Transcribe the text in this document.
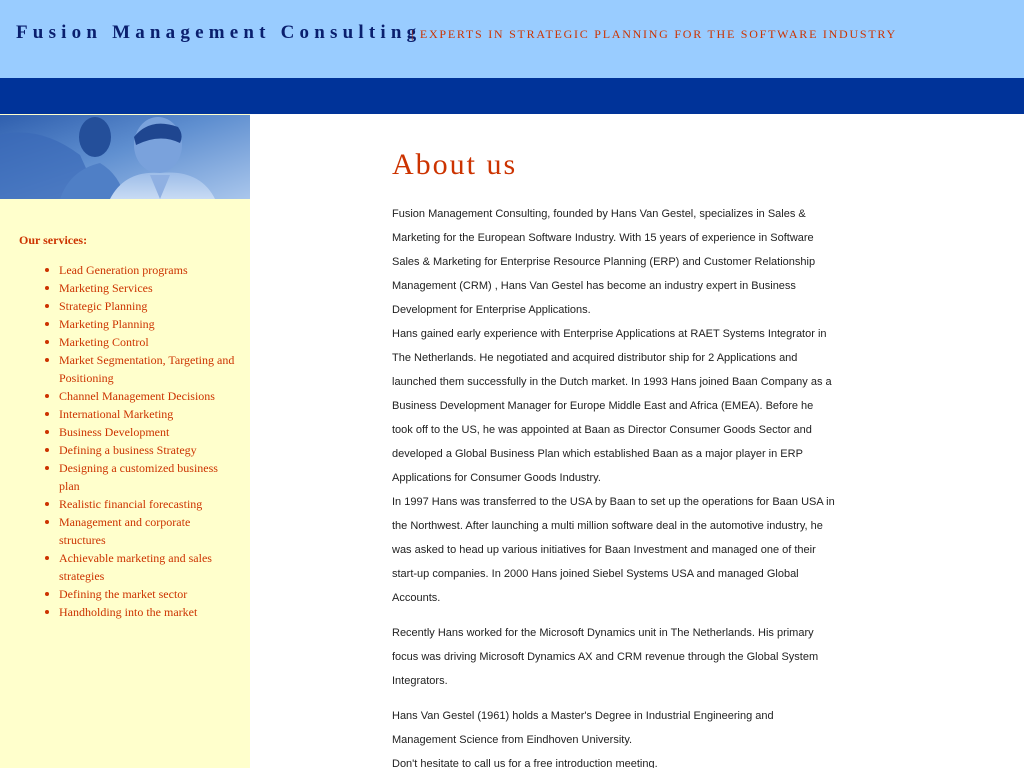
Fusion Management Consulting
| EXPERTS IN STRATEGIC PLANNING FOR THE SOFTWARE INDUSTRY
Our services:
Lead Generation programs
Marketing Services
Strategic Planning
Marketing Planning
Marketing Control
Market Segmentation, Targeting and Positioning
Channel Management Decisions
International Marketing
Business Development
Defining a business Strategy
Designing a customized business plan
Realistic financial forecasting
Management and corporate structures
Achievable marketing and sales strategies
Defining the market sector
Handholding into the market
About us

Fusion Management Consulting, founded by Hans Van Gestel, specializes in Sales & Marketing for the European Software Industry. With 15 years of experience in Software Sales & Marketing for Enterprise Resource Planning (ERP) and Customer Relationship Management (CRM) , Hans Van Gestel has become an industry expert in Business Development for Enterprise Applications.

Hans gained early experience with Enterprise Applications at RAET Systems Integrator in The Netherlands. He negotiated and acquired distributor ship for 2 Applications and launched them successfully in the Dutch market. In 1993 Hans joined Baan Company as a Business Development Manager for Europe Middle East and Africa (EMEA). Before he took off to the US, he was appointed at Baan as Director Consumer Goods Sector and developed a Global Business Plan which established Baan as a major player in ERP Applications for Consumer Goods Industry.

In 1997 Hans was transferred to the USA by Baan to set up the operations for Baan USA in the Northwest. After launching a multi million software deal in the automotive industry, he was asked to head up various initiatives for Baan Investment and managed one of their start-up companies. In 2000 Hans joined Siebel Systems USA and managed Global Accounts.

Recently Hans worked for the Microsoft Dynamics unit in The Netherlands. His primary focus was driving Microsoft Dynamics AX and CRM revenue through the Global System Integrators.

Hans Van Gestel (1961) holds a Master's Degree in Industrial Engineering and Management Science from Eindhoven University.

Don't hesitate to call us for a free introduction meeting.
